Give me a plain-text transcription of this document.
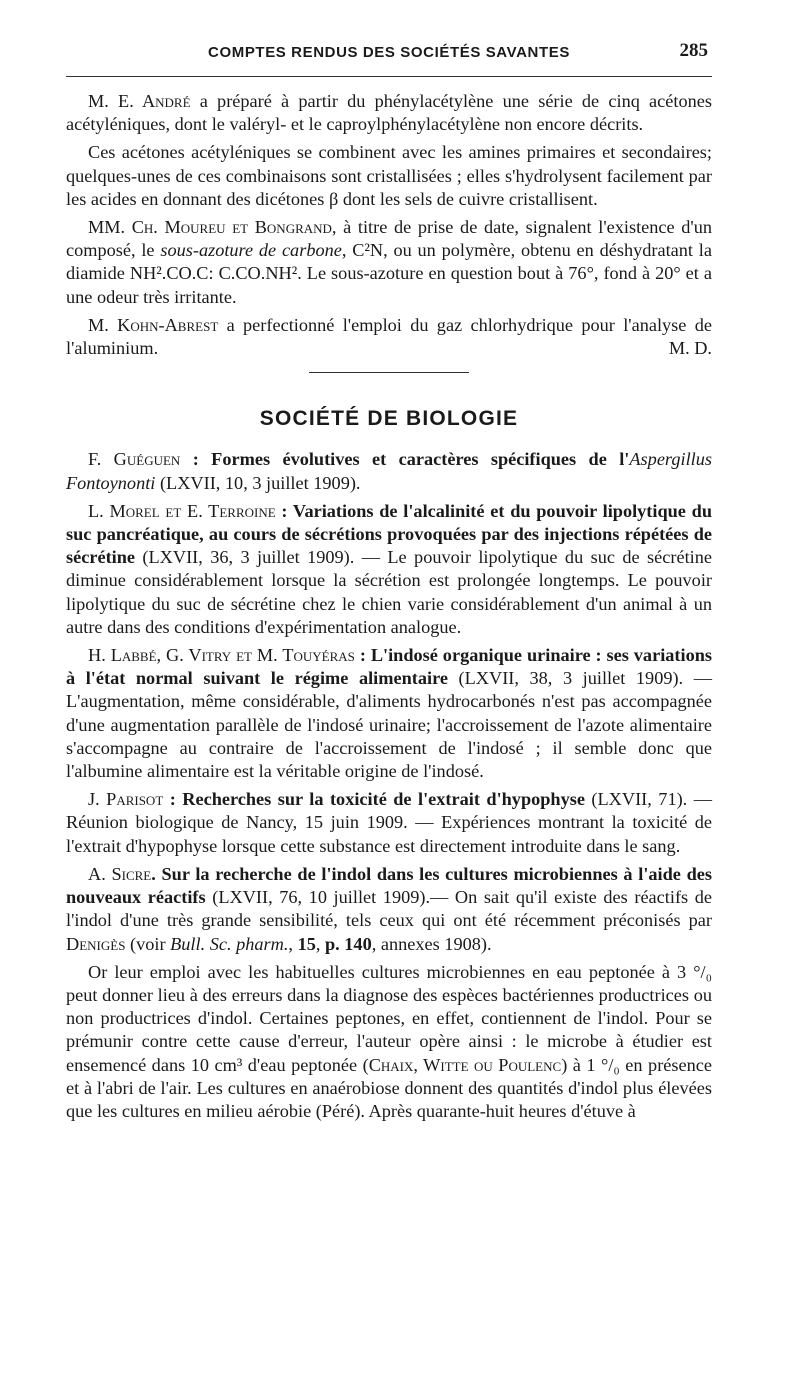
COMPTES RENDUS DES SOCIÉTÉS SAVANTES	285

M. E. André a préparé à partir du phénylacétylène une série de cinq acétones acétyléniques, dont le valéryl- et le caproylphénylacétylène non encore décrits.

Ces acétones acétyléniques se combinent avec les amines primaires et secondaires; quelques-unes de ces combinaisons sont cristallisées ; elles s'hydrolysent facilement par les acides en donnant des dicétones β dont les sels de cuivre cristallisent.

MM. Ch. Moureu et Bongrand, à titre de prise de date, signalent l'existence d'un composé, le sous-azoture de carbone, C²N, ou un polymère, obtenu en déshydratant la diamide NH².CO.C: C.CO.NH². Le sous-azoture en question bout à 76°, fond à 20° et a une odeur très irritante.

M. Kohn-Abrest a perfectionné l'emploi du gaz chlorhydrique pour l'analyse de l'aluminium.	M. D.

SOCIÉTÉ DE BIOLOGIE

F. Guéguen : Formes évolutives et caractères spécifiques de l'Aspergillus Fontoynonti (LXVII, 10, 3 juillet 1909).

L. Morel et E. Terroine : Variations de l'alcalinité et du pouvoir lipolytique du suc pancréatique, au cours de sécrétions provoquées par des injections répétées de sécrétine (LXVII, 36, 3 juillet 1909). — Le pouvoir lipolytique du suc de sécrétine diminue considérablement lorsque la sécrétion est prolongée longtemps. Le pouvoir lipolytique du suc de sécrétine chez le chien varie considérablement d'un animal à un autre dans des conditions d'expérimentation analogue.

H. Labbé, G. Vitry et M. Touyéras : L'indosé organique urinaire : ses variations à l'état normal suivant le régime alimentaire (LXVII, 38, 3 juillet 1909). — L'augmentation, même considérable, d'aliments hydrocarbonés n'est pas accompagnée d'une augmentation parallèle de l'indosé urinaire; l'accroissement de l'azote alimentaire s'accompagne au contraire de l'accroissement de l'indosé ; il semble donc que l'albumine alimentaire est la véritable origine de l'indosé.

J. Parisot : Recherches sur la toxicité de l'extrait d'hypophyse (LXVII, 71). — Réunion biologique de Nancy, 15 juin 1909. — Expériences montrant la toxicité de l'extrait d'hypophyse lorsque cette substance est directement introduite dans le sang.

A. Sicre. Sur la recherche de l'indol dans les cultures microbiennes à l'aide des nouveaux réactifs (LXVII, 76, 10 juillet 1909).— On sait qu'il existe des réactifs de l'indol d'une très grande sensibilité, tels ceux qui ont été récemment préconisés par Denigès (voir Bull. Sc. pharm., 15, p. 140, annexes 1908).

Or leur emploi avec les habituelles cultures microbiennes en eau peptonée à 3 °/₀ peut donner lieu à des erreurs dans la diagnose des espèces bactériennes productrices ou non productrices d'indol. Certaines peptones, en effet, contiennent de l'indol. Pour se prémunir contre cette cause d'erreur, l'auteur opère ainsi : le microbe à étudier est ensemencé dans 10 cm³ d'eau peptonée (Chaix, Witte ou Poulenc) à 1 °/₀ en présence et à l'abri de l'air. Les cultures en anaérobiose donnent des quantités d'indol plus élevées que les cultures en milieu aérobie (Péré). Après quarante-huit heures d'étuve à
